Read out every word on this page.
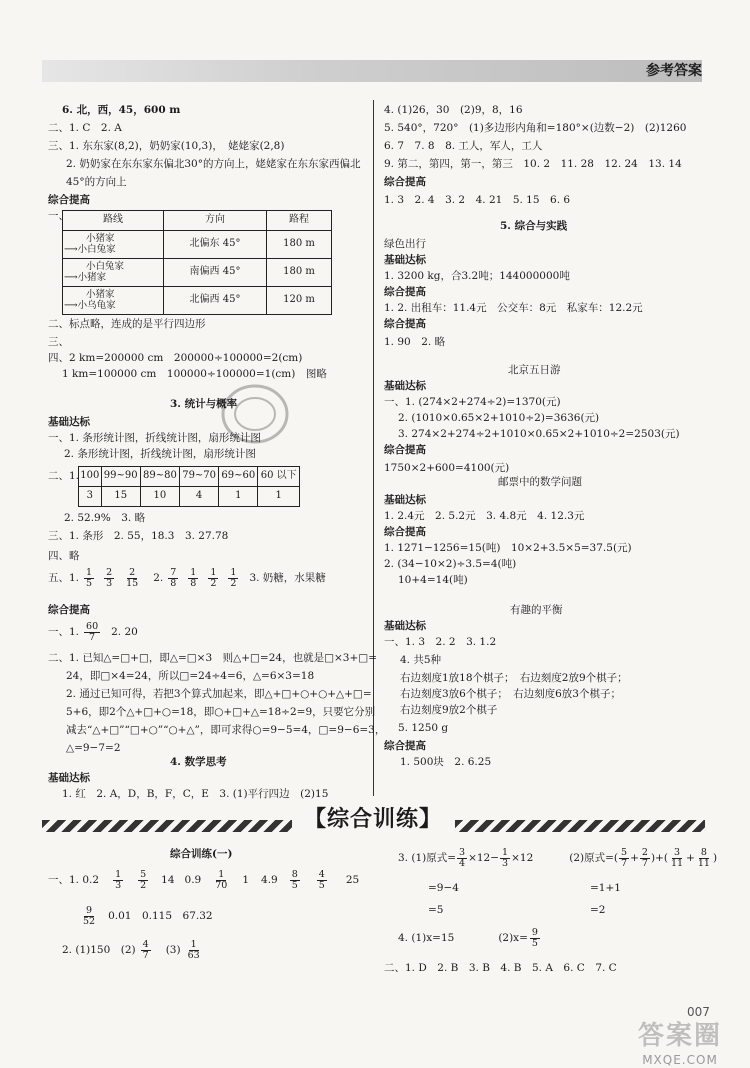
参考答案
6. 北，西，45，600 m
二、1. C　2. A
三、1. 东东家(8,2)，奶奶家(10,3)，　姥姥家(2,8)
2. 奶奶家在东东家东偏北30°的方向上，姥姥家在东东家西偏北
45°的方向上
综合提高
一、	路线	方向	路程

小猪家
⟶小白兔家	北偏东 45°	180 m

小白兔家
⟶小猪家	南偏西 45°	180 m

小猪家
⟶小乌龟家	北偏西 45°	120 m
二、标点略，连成的是平行四边形
三、
四、2 km=200000 cm　200000÷100000=2(cm)
1 km=100000 cm　100000÷100000=1(cm)　图略
3. 统计与概率
基础达标
一、1. 条形统计图，折线统计图，扇形统计图
2. 条形统计图，折线统计图，扇形统计图
二、1. 100	99~90	89~80	79~70	69~60	60 以下
3	15	10	4	1	1
2. 52.9%　3. 略
三、1. 条形　2. 55，18.3　3. 27.78
四、略
五、1. $\frac{1}{5} \frac{2}{3} \frac{2}{15} 2$. $\frac{7}{8} \frac{1}{8} \frac{1}{2} \frac{1}{2} 3$. 奶糖，水果糖
综合提高
一、1. $\frac{60}{7} 2$. 20
二、1. 已知△=□+□，即△=□×3　则△+□=24，也就是□×3+□=
24，即□×4=24，所以□=24÷4=6，△=6×3=18
2. 通过已知可得，若把3个算式加起来，即△+□+○+○+△+□=
5+6，即2个△+□+○=18，即○+□+△=18÷2=9，只要它分别
减去“△+□”“□+○”“○+△”，即可求得○=9−5=4，□=9−6=3，
△=9−7=2
4. 数学思考
基础达标
1. 红　2. A，D，B，F，C，E　3. (1)平行四边　(2)15
4. (1)26，30　(2)9，8，16
5. 540°，720°　(1)多边形内角和=180°×(边数−2)　(2)1260
6. 7　7. 8　8. 工人，军人，工人
9. 第二，第四，第一，第三　10. 2　11. 28　12. 24　13. 14
综合提高
1. 3　2. 4　3. 2　4. 21　5. 15　6. 6
5. 综合与实践
绿色出行
基础达标
1. 3200 kg，合3.2吨；144000000吨
综合提高
1. 2. 出租车：11.4元　公交车：8元　私家车：12.2元
综合提高
1. 90　2. 略
北京五日游
基础达标
一、1. (274×2+274÷2)=1370(元)
2. (1010×0.65×2+1010÷2)=3636(元)
3. 274×2+274÷2+1010×0.65×2+1010÷2=2503(元)
综合提高
1750×2+600=4100(元)
邮票中的数学问题
基础达标
1. 2.4元　2. 5.2元　3. 4.8元　4. 12.3元
综合提高
1. 1271−1256=15(吨)　10×2+3.5×5=37.5(元)
2. (34−10×2)÷3.5=4(吨)
10+4=14(吨)
有趣的平衡
基础达标
一、1. 3　2. 2　3. 1.2
4. 共5种
右边刻度1放18个棋子；　右边刻度2放9个棋子；
右边刻度3放6个棋子；　右边刻度6放3个棋子；
右边刻度9放2个棋子
5. 1250 g
综合提高
1. 500块　2. 6.25
【综合训练】
综合训练(一)
一、1. $0.2 \frac{1}{3} \frac{5}{2} 14$ $0.9 \frac{1}{70} 1$ $4.9 \frac{8}{5} \frac{4}{5} 25$
$\frac{9}{52} 0.01$　0.115　67.32
2. (1)150　$(2) \frac{4}{7} (3) \frac{1}{63}$
3. (1)原式= $\frac{3}{4} \times 12- \frac{1}{3} \times 12$	(2)原式=( $\frac{5}{7} + \frac{2}{7}$ )+( $\frac{3}{11} + \frac{8}{11}$ )
=9−4	=1+1
=5	=2
4. (1)x=15	$(2)x= \frac{9}{5}$
二、1. D　2. B　3. B　4. B　5. A　6. C　7. C
007
答案圈
MXQE.COM
